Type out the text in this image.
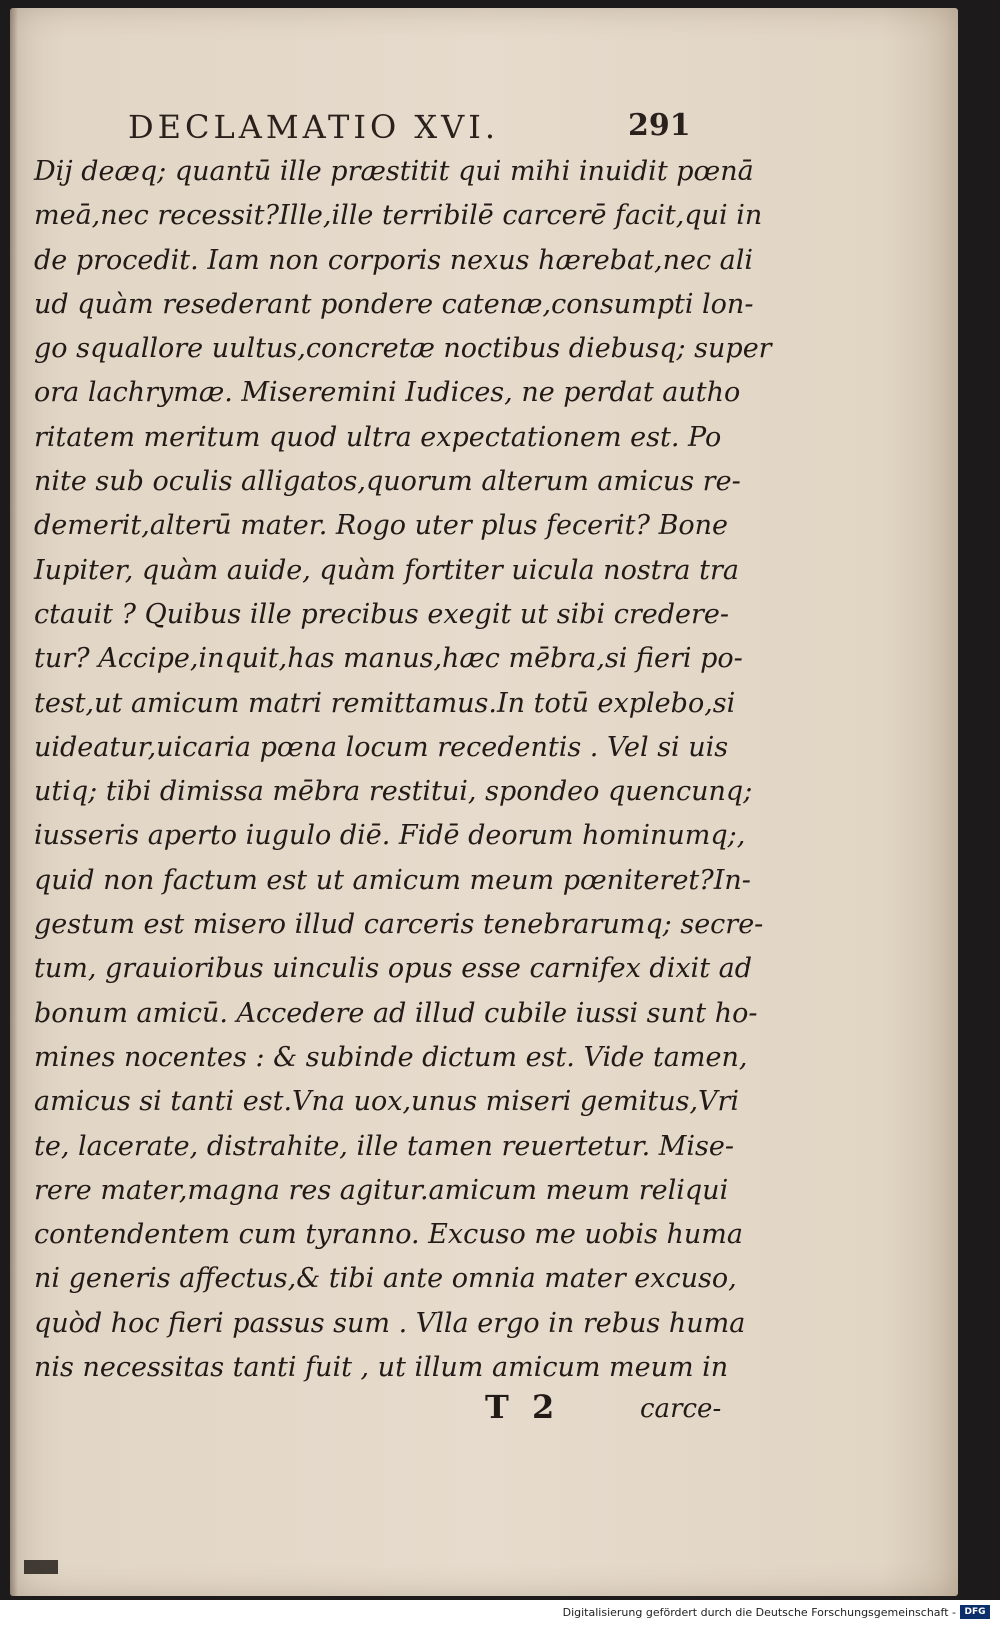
DECLAMATIO XVI.	291
Dij deæq; quantū ille præstitit qui mihi inuidit pœnā
meā,nec recessit?Ille,ille terribilē carcerē facit,qui in
de procedit. Iam non corporis nexus hærebat,nec ali
ud quàm resederant pondere catenæ,consumpti lon-
go squallore uultus,concretæ noctibus diebusq; super
ora lachrymæ. Miseremini Iudices, ne perdat autho
ritatem meritum quod ultra expectationem est. Po
nite sub oculis alligatos,quorum alterum amicus re-
demerit,alterū mater. Rogo uter plus fecerit? Bone
Iupiter, quàm auide, quàm fortiter uicula nostra tra
ctauit ? Quibus ille precibus exegit ut sibi credere-
tur? Accipe,inquit,has manus,hæc mēbra,si fieri po-
test,ut amicum matri remittamus.In totū explebo,si
uideatur,uicaria pœna locum recedentis . Vel si uis
utiq; tibi dimissa mēbra restitui, spondeo quencunq;
iusseris aperto iugulo diē. Fidē deorum hominumq;,
quid non factum est ut amicum meum pœniteret?In-
gestum est misero illud carceris tenebrarumq; secre-
tum, grauioribus uinculis opus esse carnifex dixit ad
bonum amicū. Accedere ad illud cubile iussi sunt ho-
mines nocentes : & subinde dictum est. Vide tamen,
amicus si tanti est.Vna uox,unus miseri gemitus,Vri
te, lacerate, distrahite, ille tamen reuertetur. Mise-
rere mater,magna res agitur.amicum meum reliqui
contendentem cum tyranno. Excuso me uobis huma
ni generis affectus,& tibi ante omnia mater excuso,
quòd hoc fieri passus sum . Vlla ergo in rebus huma
nis necessitas tanti fuit , ut illum amicum meum in
T 2	carce-
Digitalisierung gefördert durch die Deutsche Forschungsgemeinschaft - DFG
